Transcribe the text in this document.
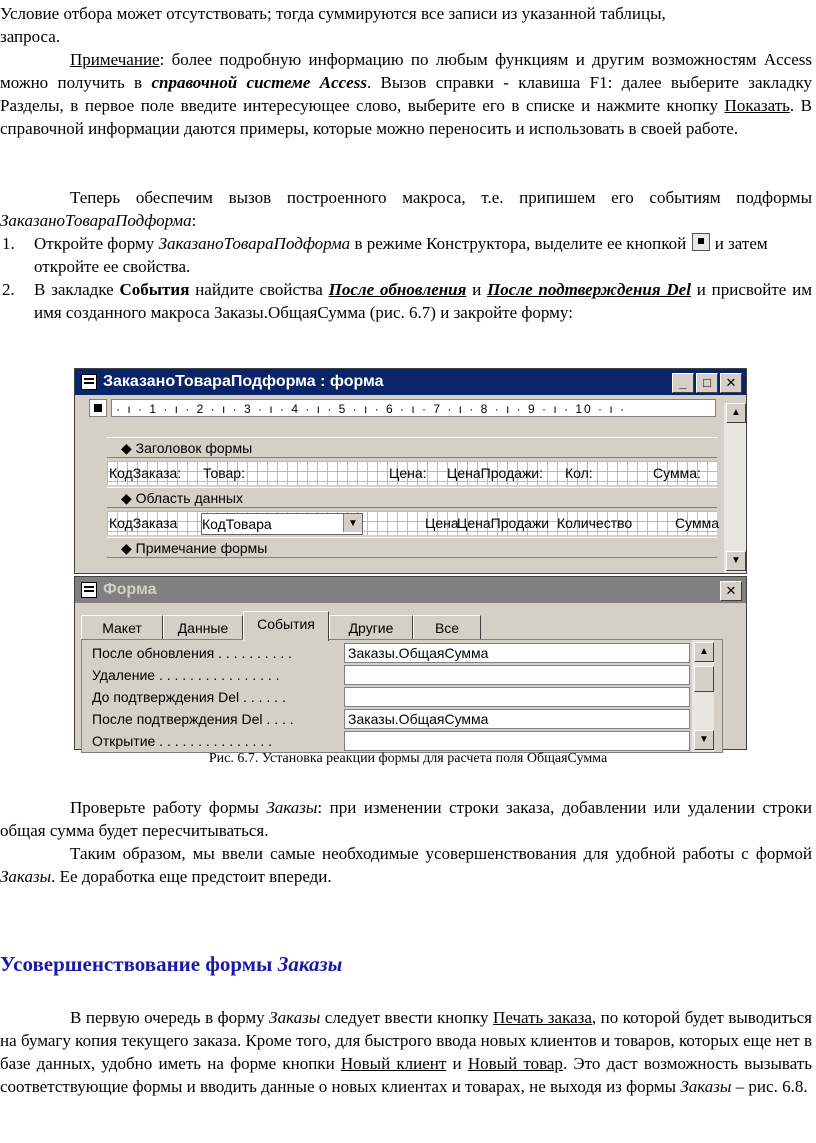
Условие отбора может отсутствовать; тогда суммируются все записи из указанной таблицы,
запроса.
Примечание: более подробную информацию по любым функциям и другим возможностям Access можно получить в справочной системе Access. Вызов справки - клавиша F1: далее выберите закладку Разделы, в первое поле введите интересующее слово, выберите его в списке и нажмите кнопку Показать. В справочной информации даются примеры, которые можно переносить и использовать в своей работе.
Теперь обеспечим вызов построенного макроса, т.е. припишем его событиям подформы ЗаказаноТовараПодформа:
1. Откройте форму ЗаказаноТовараПодформа в режиме Конструктора, выделите ее кнопкой  и затем откройте ее свойства.
2. В закладке События найдите свойства После обновления и После подтверждения Del и присвойте им имя созданного макроса Заказы.ОбщаяСумма (рис. 6.7) и закройте форму:
ЗаказаноТовараПодформа : форма	_	□	✕
· ı · 1 · ı · 2 · ı · 3 · ı · 4 · ı · 5 · ı · 6 · ı · 7 · ı · 8 · ı · 9 · ı · 10 · ı ·	▲
▼
◆ Заголовок формы
КодЗаказа:	Товар:	Цена: ЦенаПродажи:	Кол:	Сумма:
◆ Область данных
КодЗаказа	КодТовара	▼	Цена
ЦенаПродажи Количество	Сумма
◆ Примечание формы
Форма	✕
Макет	Данные	События	Другие	Все
После обновления . . . . . . . . . .	Заказы.ОбщаяСумма
Удаление . . . . . . . . . . . . . . . .
До подтверждения Del . . . . . .
После подтверждения Del . . . .	Заказы.ОбщаяСумма
Открытие . . . . . . . . . . . . . . .
▲
▼
Рис. 6.7. Установка реакции формы для расчета поля ОбщаяСумма
Проверьте работу формы Заказы: при изменении строки заказа, добавлении или удалении строки общая сумма будет пересчитываться.
Таким образом, мы ввели самые необходимые усовершенствования для удобной работы с формой Заказы. Ее доработка еще предстоит впереди.
Усовершенствование формы Заказы
В первую очередь в форму Заказы следует ввести кнопку Печать заказа, по которой будет выводиться на бумагу копия текущего заказа. Кроме того, для быстрого ввода новых клиентов и товаров, которых еще нет в базе данных, удобно иметь на форме кнопки Новый клиент и Новый товар. Это даст возможность вызывать соответствующие формы и вводить данные о новых клиентах и товарах, не выходя из формы Заказы – рис. 6.8.
